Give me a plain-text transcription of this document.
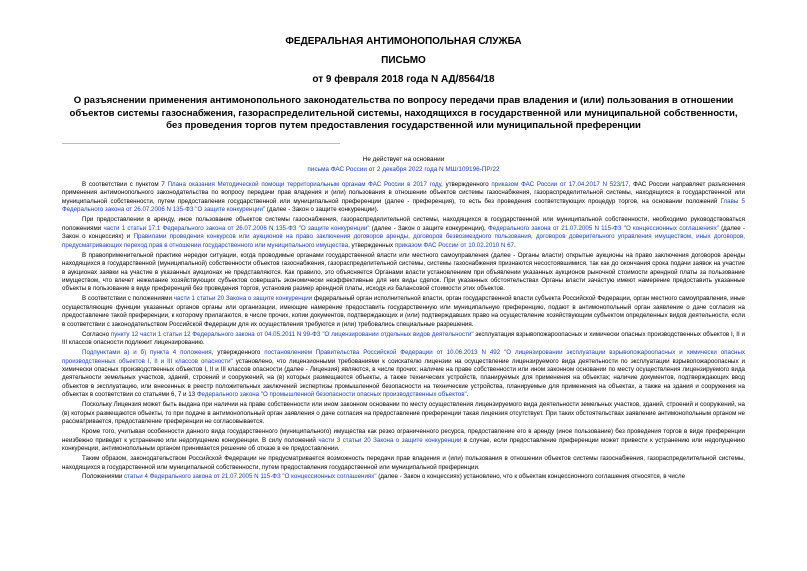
ФЕДЕРАЛЬНАЯ АНТИМОНОПОЛЬНАЯ СЛУЖБА
ПИСЬМО
от 9 февраля 2018 года N АД/8564/18
О разъяснении применения антимонопольного законодательства по вопросу передачи прав владения и (или) пользования в отношении объектов системы газоснабжения, газораспределительной системы, находящихся в государственной или муниципальной собственности, без проведения торгов путем предоставления государственной или муниципальной преференции
Не действует на основании
письма ФАС России от 2 декабря 2022 года N МШ/109196-ПР/22

В соответствии с пунктом 7 Плана оказания Методической помощи территориальным органам ФАС России в 2017 году, утвержденного приказом ФАС России от 17.04.2017 N 523/17, ФАС России направляет разъяснения применения антимонопольного законодательства по вопросу передачи прав владения и (или) пользования в отношении объектов системы газоснабжения, газораспределительной системы, находящихся в государственной или муниципальной собственности, путем предоставления государственной или муниципальной преференции (далее - преференция), то есть без проведения соответствующих процедур торгов, на основании положений Главы 5 Федерального закона от 26.07.2006 N 135-ФЗ "О защите конкуренции" (далее - Закон о защите конкуренции).

При предоставлении в аренду, иное пользование объектов системы газоснабжения, газораспределительной системы, находящихся в государственной или муниципальной собственности, необходимо руководствоваться положениями части 1 статьи 17.1 Федерального закона от 26.07.2006 N 135-ФЗ "О защите конкуренции" (далее - Закон о защите конкуренции), Федерального закона от 21.07.2005 N 115-ФЗ "О концессионных соглашениях" (далее - Закон о концессиях) и Правилами проведения конкурсов или аукционов на право заключения договоров аренды, договоров безвозмездного пользования, договоров доверительного управления имуществом, иных договоров, предусматривающих переход прав в отношении государственного или муниципального имущества, утвержденных приказом ФАС России от 10.02.2010 N 67.

В правоприменительной практике нередки ситуации, когда проводимые органами государственной власти или местного самоуправления (далее - Органы власти) открытые аукционы на право заключения договоров аренды находящихся в государственной (муниципальной) собственности объектов газоснабжения, газораспределительной системы, системы газоснабжения признаются несостоявшимися, так как до окончания срока подачи заявок на участие в аукционах заявки на участие в указанных аукционах не представляются. Как правило, это объясняется Органами власти установлением при объявлении указанных аукционов рыночной стоимости арендной платы за пользование имуществом, что влечет нежелание хозяйствующих субъектов совершать экономически неэффективные для них виды сделок. При указанных обстоятельствах Органы власти зачастую имеют намерение предоставить указанные объекты в пользование в виде преференций без проведения торгов, установив размер арендной платы, исходя из балансовой стоимости этих объектов.

В соответствии с положениями части 1 статьи 20 Закона о защите конкуренции федеральный орган исполнительной власти, орган государственной власти субъекта Российской Федерации, орган местного самоуправления, иные осуществляющие функции указанных органов органы или организации, имеющие намерение предоставить государственную или муниципальную преференцию, подают в антимонопольный орган заявление о даче согласия на предоставление такой преференции, к которому прилагаются, в числе прочих, копии документов, подтверждающих и (или) подтверждавших право на осуществление хозяйствующим субъектом определенных видов деятельности, если в соответствии с законодательством Российской Федерации для их осуществления требуются и (или) требовались специальные разрешения.

Согласно пункту 12 части 1 статьи 12 Федерального закона от 04.05.2011 N 99-ФЗ "О лицензировании отдельных видов деятельности" эксплуатация взрывопожароопасных и химически опасных производственных объектов I, II и III классов опасности подлежит лицензированию.

Подпунктами а) и б) пункта 4 положения, утвержденного постановлением Правительства Российской Федерации от 10.06.2013 N 492 "О лицензировании эксплуатации взрывопожароопасных и химически опасных производственных объектов I, II и III классов опасности" установлено, что лицензионными требованиями к соискателю лицензии на осуществление лицензируемого вида деятельности по эксплуатации взрывопожароопасных и химически опасных производственных объектов I, II и III классов опасности (далее - Лицензия) являются, в числе прочих: наличие на праве собственности или ином законном основании по месту осуществления лицензируемого вида деятельности земельных участков, зданий, строений и сооружений, на (в) которых размещаются объекты, а также технических устройств, планируемых для применения на объектах; наличие документов, подтверждающих ввод объектов в эксплуатацию, или внесенных в реестр положительных заключений экспертизы промышленной безопасности на технические устройства, планируемые для применения на объектах, а также на здания и сооружения на объектах в соответствии со статьями 6, 7 и 13 Федерального закона "О промышленной безопасности опасных производственных объектов".

Поскольку Лицензия может быть выдана при наличии на праве собственности или ином законном основании по месту осуществления лицензируемого вида деятельности земельных участков, зданий, строений и сооружений, на (в) которых размещаются объекты, то при подаче в антимонопольный орган заявления о даче согласия на предоставление преференции такая лицензия отсутствует. При таких обстоятельствах заявление антимонопольным органом не рассматривается, предоставление преференции не согласовывается.

Кроме того, учитывая особенности данного вида государственного (муниципального) имущества как резко ограниченного ресурса, предоставление его в аренду (иное пользование) без проведения торгов в виде преференции неизбежно приведет к устранению или недопущению конкуренции. В силу положений части 3 статьи 20 Закона о защите конкуренции в случае, если предоставление преференции может привести к устранению или недопущению конкуренции, антимонопольным органом принимается решение об отказе в ее предоставлении.

Таким образом, законодательством Российской Федерации не предусматривается возможность передачи прав владения и (или) пользования в отношении объектов системы газоснабжения, газораспределительной системы, находящихся в государственной или муниципальной собственности, путем предоставления государственной или муниципальной преференции.

Положениями статьи 4 Федерального закона от 21.07.2005 N 115-ФЗ "О концессионных соглашениях" (далее - Закон о концессиях) установлено, что к объектам концессионного соглашения относятся, в числе
